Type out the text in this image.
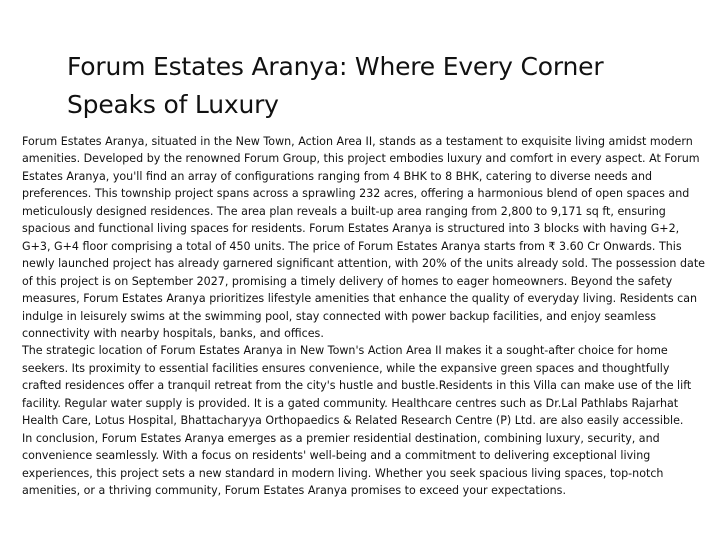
Forum Estates Aranya: Where Every Corner Speaks of Luxury

Forum Estates Aranya, situated in the New Town, Action Area II, stands as a testament to exquisite living amidst modern amenities. Developed by the renowned Forum Group, this project embodies luxury and comfort in every aspect. At Forum Estates Aranya, you'll find an array of configurations ranging from 4 BHK to 8 BHK, catering to diverse needs and preferences. This township project spans across a sprawling 232 acres, offering a harmonious blend of open spaces and meticulously designed residences. The area plan reveals a built-up area ranging from 2,800 to 9,171 sq ft, ensuring spacious and functional living spaces for residents. Forum Estates Aranya is structured into 3 blocks with having G+2, G+3, G+4 floor comprising a total of 450 units. The price of Forum Estates Aranya starts from ₹ 3.60 Cr Onwards. This newly launched project has already garnered significant attention, with 20% of the units already sold. The possession date of this project is on September 2027, promising a timely delivery of homes to eager homeowners. Beyond the safety measures, Forum Estates Aranya prioritizes lifestyle amenities that enhance the quality of everyday living. Residents can indulge in leisurely swims at the swimming pool, stay connected with power backup facilities, and enjoy seamless connectivity with nearby hospitals, banks, and offices.

The strategic location of Forum Estates Aranya in New Town's Action Area II makes it a sought-after choice for home seekers. Its proximity to essential facilities ensures convenience, while the expansive green spaces and thoughtfully crafted residences offer a tranquil retreat from the city's hustle and bustle.Residents in this Villa can make use of the lift facility. Regular water supply is provided. It is a gated community. Healthcare centres such as Dr.Lal Pathlabs Rajarhat Health Care, Lotus Hospital, Bhattacharyya Orthopaedics & Related Research Centre (P) Ltd. are also easily accessible.

In conclusion, Forum Estates Aranya emerges as a premier residential destination, combining luxury, security, and convenience seamlessly. With a focus on residents' well-being and a commitment to delivering exceptional living experiences, this project sets a new standard in modern living. Whether you seek spacious living spaces, top-notch amenities, or a thriving community, Forum Estates Aranya promises to exceed your expectations.
